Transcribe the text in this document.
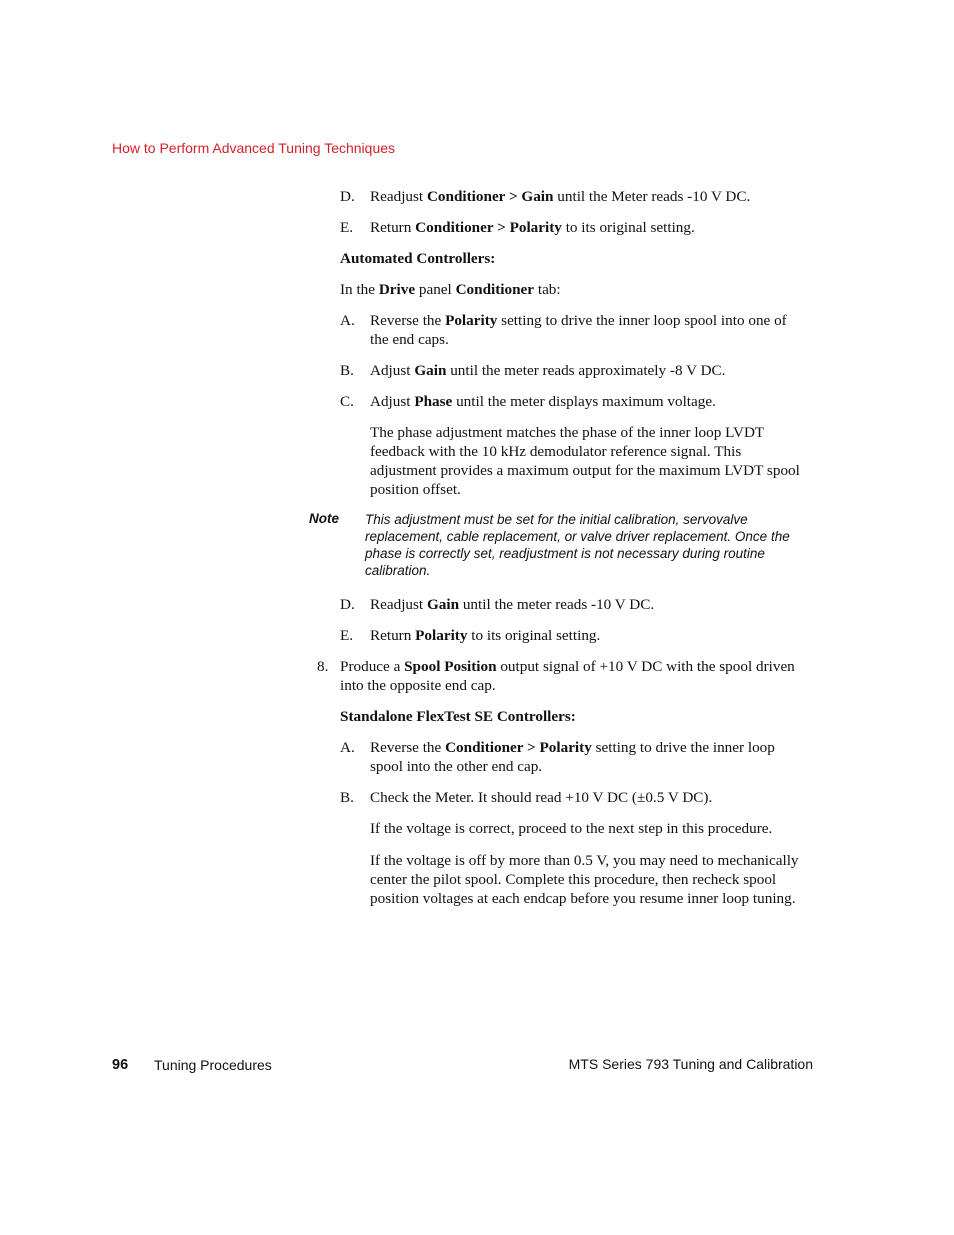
How to Perform Advanced Tuning Techniques
D. Readjust Conditioner > Gain until the Meter reads -10 V DC.
E. Return Conditioner > Polarity to its original setting.
Automated Controllers:
In the Drive panel Conditioner tab:
A. Reverse the Polarity setting to drive the inner loop spool into one of
the end caps.
B. Adjust Gain until the meter reads approximately -8 V DC.
C. Adjust Phase until the meter displays maximum voltage.
The phase adjustment matches the phase of the inner loop LVDT
feedback with the 10 kHz demodulator reference signal. This
adjustment provides a maximum output for the maximum LVDT spool
position offset.
Note This adjustment must be set for the initial calibration, servovalve
replacement, cable replacement, or valve driver replacement. Once the
phase is correctly set, readjustment is not necessary during routine
calibration.
D. Readjust Gain until the meter reads -10 V DC.
E. Return Polarity to its original setting.
8. Produce a Spool Position output signal of +10 V DC with the spool driven
into the opposite end cap.
Standalone FlexTest SE Controllers:
A. Reverse the Conditioner > Polarity setting to drive the inner loop
spool into the other end cap.
B. Check the Meter. It should read +10 V DC (±0.5 V DC).
If the voltage is correct, proceed to the next step in this procedure.
If the voltage is off by more than 0.5 V, you may need to mechanically
center the pilot spool. Complete this procedure, then recheck spool
position voltages at each endcap before you resume inner loop tuning.
96 Tuning Procedures	MTS Series 793 Tuning and Calibration
